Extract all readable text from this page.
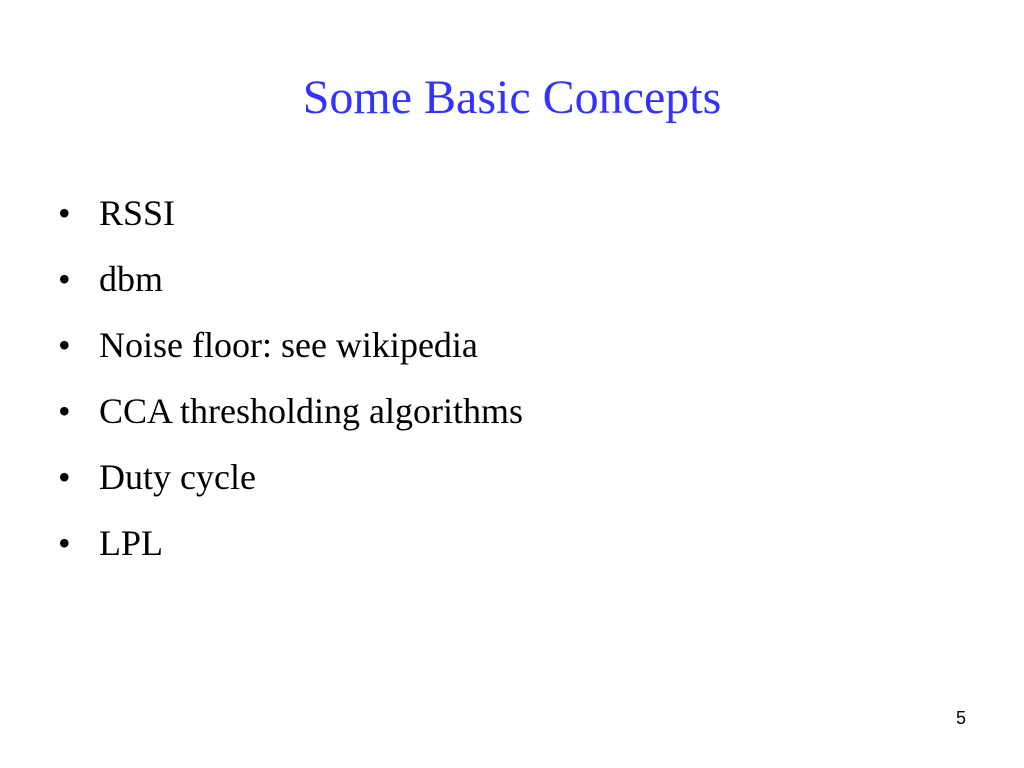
Some Basic Concepts
• RSSI
• dbm
• Noise floor: see wikipedia
• CCA thresholding algorithms
• Duty cycle
• LPL
5
